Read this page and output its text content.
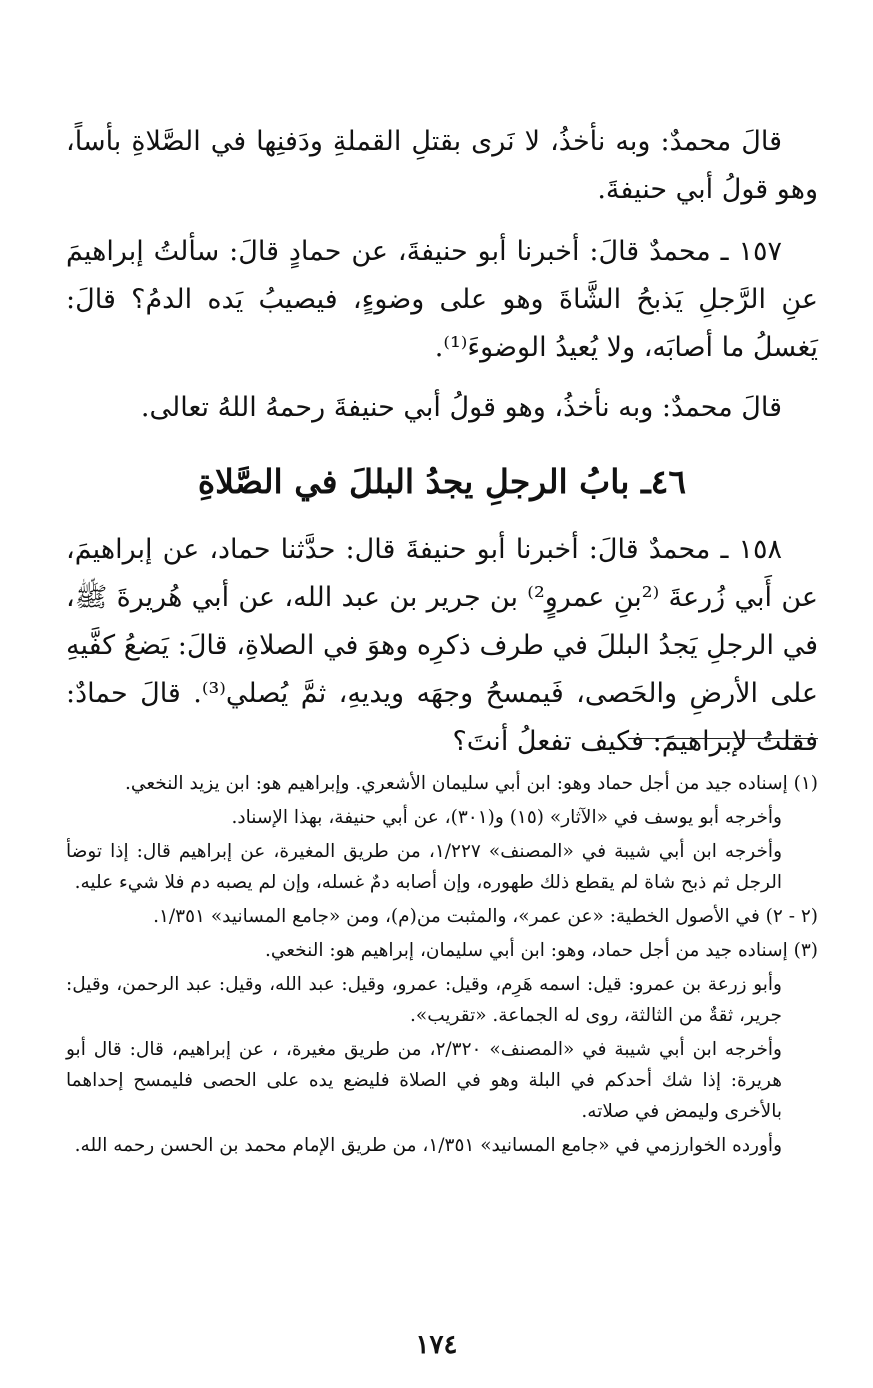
قالَ محمدٌ: وبه نأخذُ، لا نَرى بقتلِ القملةِ ودَفنِها في الصَّلاةِ بأساً، وهو قولُ أبي حنيفةَ.

١٥٧ ـ محمدٌ قالَ: أخبرنا أبو حنيفةَ، عن حمادٍ قالَ: سألتُ إبراهيمَ عنِ الرَّجلِ يَذبحُ الشَّاةَ وهو على وضوءٍ، فيصيبُ يَده الدمُ؟ قالَ: يَغسلُ ما أصابَه، ولا يُعيدُ الوضوءَ⁽¹⁾.

قالَ محمدٌ: وبه نأخذُ، وهو قولُ أبي حنيفةَ رحمهُ اللهُ تعالى.

٤٦ـ بابُ الرجلِ يجدُ البللَ في الصَّلاةِ

١٥٨ ـ محمدٌ قالَ: أخبرنا أبو حنيفةَ قال: حدَّثنا حماد، عن إبراهيمَ، عن أَبي زُرعةَ ⁽²بنِ عمروٍ²⁾ بن جرير بن عبد الله، عن أبي هُريرةَ ﷺ، في الرجلِ يَجدُ البللَ في طرف ذكرِه وهوَ في الصلاةِ، قالَ: يَضعُ كفَّيهِ على الأرضِ والحَصى، فَيمسحُ وجهَه ويديهِ، ثمَّ يُصلي⁽³⁾. قالَ حمادٌ: فقلتُ لإبراهيمَ: فكيف تفعلُ أنتَ؟

(١) إسناده جيد من أجل حماد وهو: ابن أبي سليمان الأشعري. وإبراهيم هو: ابن يزيد النخعي.

وأخرجه أبو يوسف في «الآثار» (١٥) و(٣٠١)، عن أبي حنيفة، بهذا الإسناد.

وأخرجه ابن أبي شيبة في «المصنف» ١/٢٢٧، من طريق المغيرة، عن إبراهيم قال: إذا توضأ الرجل ثم ذبح شاة لم يقطع ذلك طهوره، وإن أصابه دمٌ غسله، وإن لم يصبه دم فلا شيء عليه.

(٢ - ٢) في الأصول الخطية: «عن عمر»، والمثبت من(م)، ومن «جامع المسانيد» ١/٣٥١.

(٣) إسناده جيد من أجل حماد، وهو: ابن أبي سليمان، إبراهيم هو: النخعي.

وأبو زرعة بن عمرو: قيل: اسمه هَرِم، وقيل: عمرو، وقيل: عبد الله، وقيل: عبد الرحمن، وقيل: جرير، ثقةٌ من الثالثة، روى له الجماعة. «تقريب».

وأخرجه ابن أبي شيبة في «المصنف» ٢/٣٢٠، من طريق مغيرة، ، عن إبراهيم، قال: قال أبو هريرة: إذا شك أحدكم في البلة وهو في الصلاة فليضع يده على الحصى فليمسح إحداهما بالأخرى وليمض في صلاته.

وأورده الخوارزمي في «جامع المسانيد» ١/٣٥١، من طريق الإمام محمد بن الحسن رحمه الله.

١٧٤
